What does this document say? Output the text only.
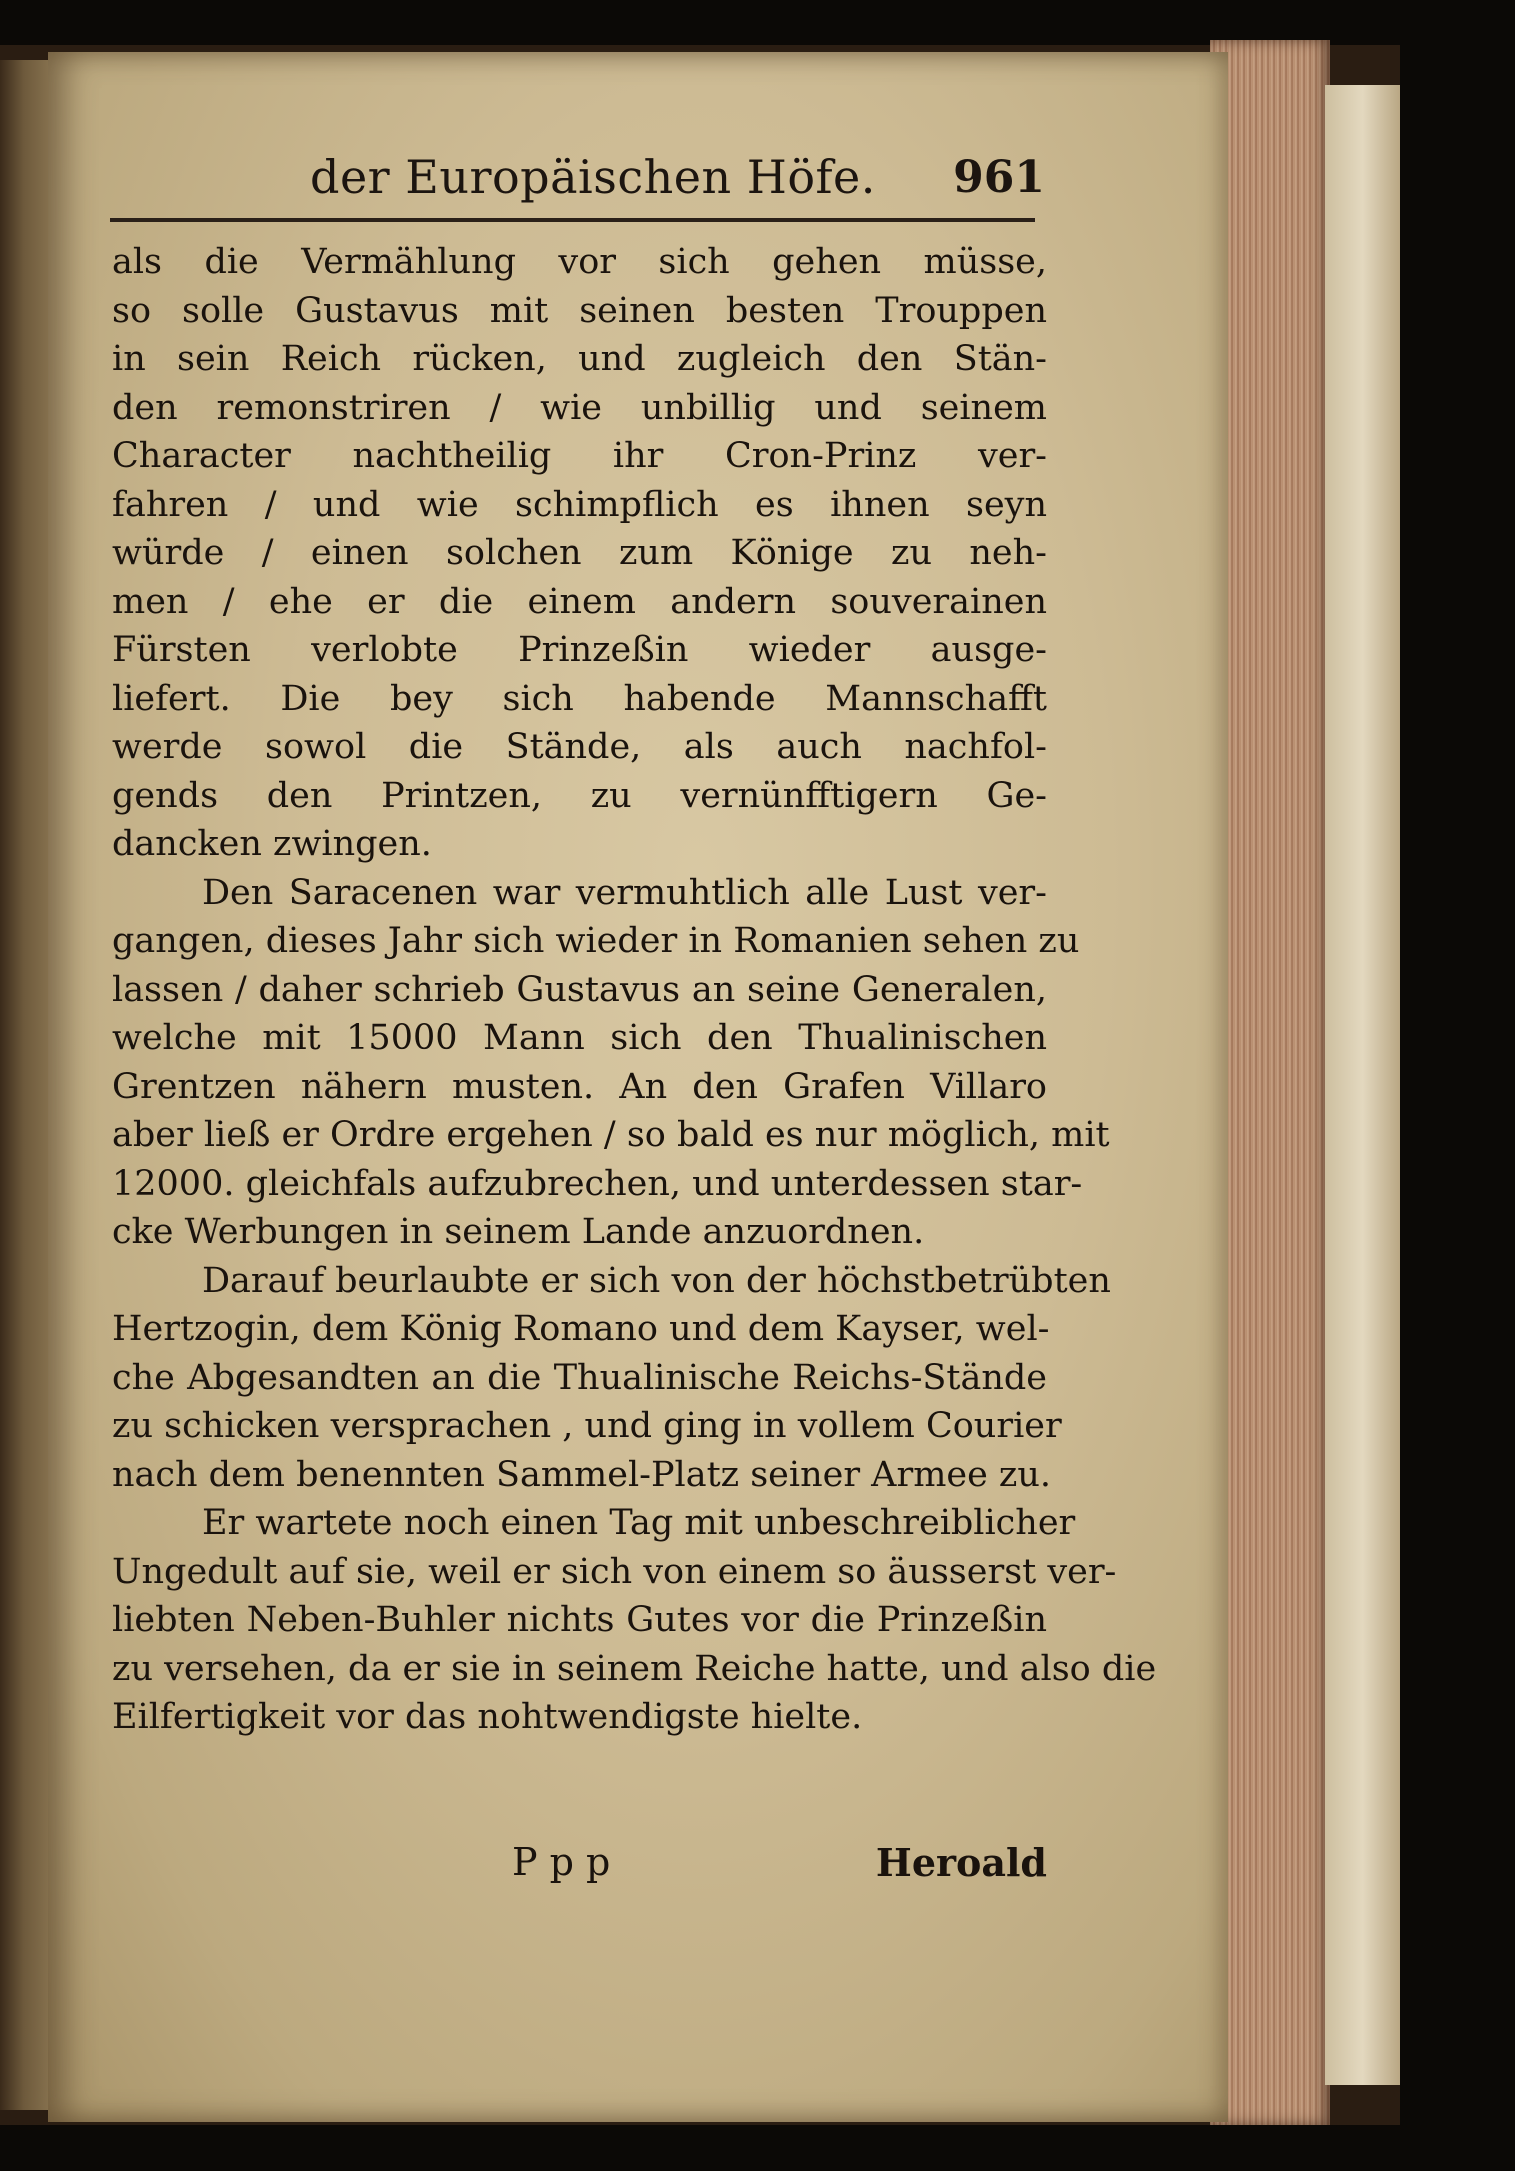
der Europäischen Höfe. 961
als die Vermählung vor sich gehen müsse,
so solle Gustavus mit seinen besten Trouppen
in sein Reich rücken, und zugleich den Stän-
den remonstriren / wie unbillig und seinem
Character nachtheilig ihr Cron-Prinz ver-
fahren / und wie schimpflich es ihnen seyn
würde / einen solchen zum Könige zu neh-
men / ehe er die einem andern souverainen
Fürsten verlobte Prinzeßin wieder ausge-
liefert. Die bey sich habende Mannschafft
werde sowol die Stände, als auch nachfol-
gends den Printzen, zu vernünfftigern Ge-
dancken zwingen.
Den Saracenen war vermuhtlich alle Lust ver-
gangen, dieses Jahr sich wieder in Romanien sehen zu
lassen / daher schrieb Gustavus an seine Generalen,
welche mit 15000 Mann sich den Thualinischen
Grentzen nähern musten. An den Grafen Villaro
aber ließ er Ordre ergehen / so bald es nur möglich, mit
12000. gleichfals aufzubrechen, und unterdessen star-
cke Werbungen in seinem Lande anzuordnen.
Darauf beurlaubte er sich von der höchstbetrübten
Hertzogin, dem König Romano und dem Kayser, wel-
che Abgesandten an die Thualinische Reichs-Stände
zu schicken versprachen , und ging in vollem Courier
nach dem benennten Sammel-Platz seiner Armee zu.
Er wartete noch einen Tag mit unbeschreiblicher
Ungedult auf sie, weil er sich von einem so äusserst ver-
liebten Neben-Buhler nichts Gutes vor die Prinzeßin
zu versehen, da er sie in seinem Reiche hatte, und also die
Eilfertigkeit vor das nohtwendigste hielte.
P p p	Heroald
